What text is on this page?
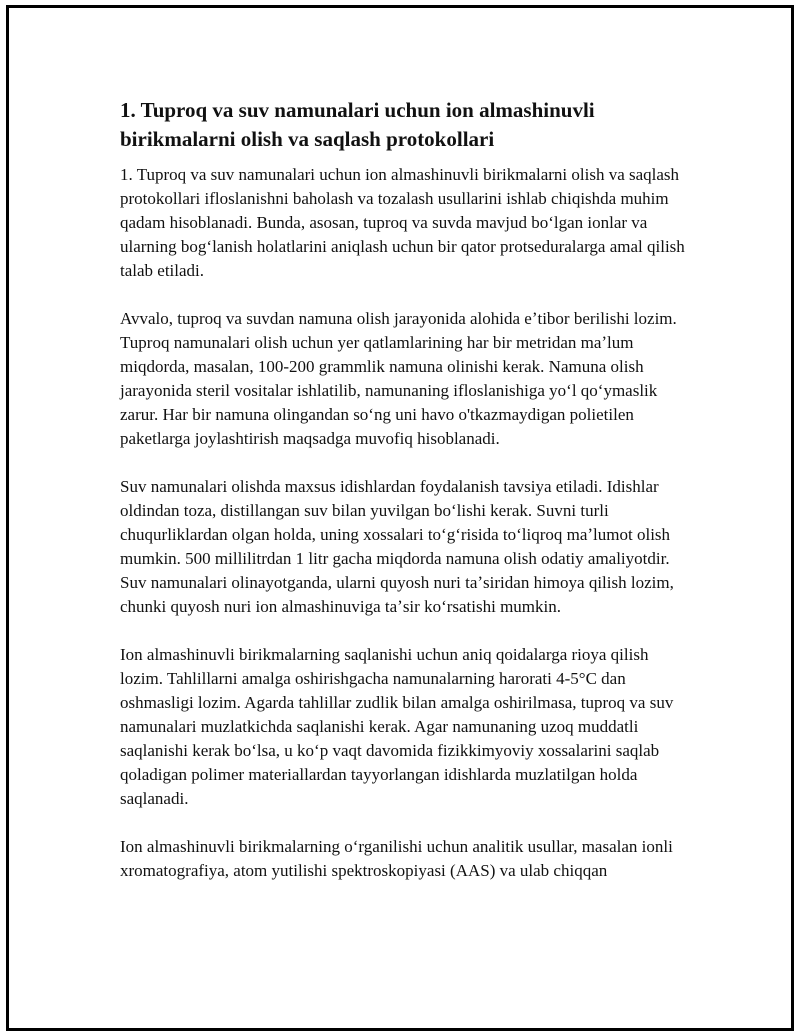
1. Tuproq va suv namunalari uchun ion almashinuvli birikmalarni olish va saqlash protokollari

1. Tuproq va suv namunalari uchun ion almashinuvli birikmalarni olish va saqlash protokollari ifloslanishni baholash va tozalash usullarini ishlab chiqishda muhim qadam hisoblanadi. Bunda, asosan, tuproq va suvda mavjud boʻlgan ionlar va ularning bogʻlanish holatlarini aniqlash uchun bir qator protseduralarga amal qilish talab etiladi.

Avvalo, tuproq va suvdan namuna olish jarayonida alohida eʼtibor berilishi lozim. Tuproq namunalari olish uchun yer qatlamlarining har bir metridan maʼlum miqdorda, masalan, 100-200 grammlik namuna olinishi kerak. Namuna olish jarayonida steril vositalar ishlatilib, namunaning ifloslanishiga yoʻl qoʻymaslik zarur. Har bir namuna olingandan soʻng uni havo o'tkazmaydigan polietilen paketlarga joylashtirish maqsadga muvofiq hisoblanadi.

Suv namunalari olishda maxsus idishlardan foydalanish tavsiya etiladi. Idishlar oldindan toza, distillangan suv bilan yuvilgan boʻlishi kerak. Suvni turli chuqurliklardan olgan holda, uning xossalari toʻgʻrisida toʻliqroq maʼlumot olish mumkin. 500 millilitrdan 1 litr gacha miqdorda namuna olish odatiy amaliyotdir. Suv namunalari olinayotganda, ularni quyosh nuri taʼsiridan himoya qilish lozim, chunki quyosh nuri ion almashinuviga taʼsir koʻrsatishi mumkin.

Ion almashinuvli birikmalarning saqlanishi uchun aniq qoidalarga rioya qilish lozim. Tahlillarni amalga oshirishgacha namunalarning harorati 4-5°C dan oshmasligi lozim. Agarda tahlillar zudlik bilan amalga oshirilmasa, tuproq va suv namunalari muzlatkichda saqlanishi kerak. Agar namunaning uzoq muddatli saqlanishi kerak boʻlsa, u koʻp vaqt davomida fizikkimyoviy xossalarini saqlab qoladigan polimer materiallardan tayyorlangan idishlarda muzlatilgan holda saqlanadi.

Ion almashinuvli birikmalarning oʻrganilishi uchun analitik usullar, masalan ionli xromatografiya, atom yutilishi spektroskopiyasi (AAS) va ulab chiqqan
